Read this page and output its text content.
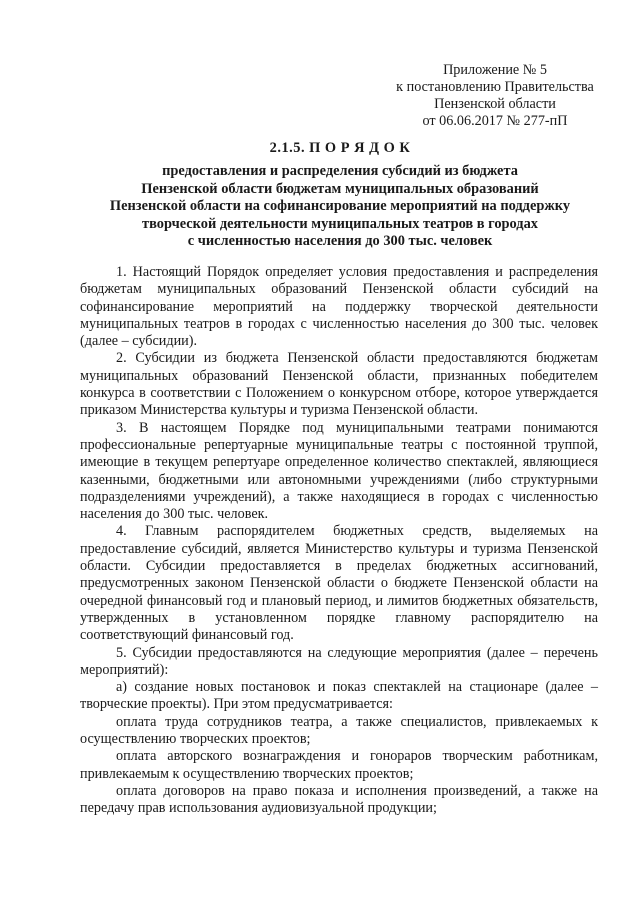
Приложение № 5
к постановлению Правительства
Пензенской области
от 06.06.2017 № 277-пП
2.1.5. П О Р Я Д О К
предоставления и распределения субсидий из бюджета
Пензенской области бюджетам муниципальных образований
Пензенской области на софинансирование мероприятий на поддержку
творческой деятельности муниципальных театров в городах
с численностью населения до 300 тыс. человек

1. Настоящий Порядок определяет условия предоставления и распределения бюджетам муниципальных образований Пензенской области субсидий на софинансирование мероприятий на поддержку творческой деятельности муниципальных театров в городах с численностью населения до 300 тыс. человек (далее – субсидии).

2. Субсидии из бюджета Пензенской области предоставляются бюджетам муниципальных образований Пензенской области, признанных победителем конкурса в соответствии с Положением о конкурсном отборе, которое утверждается приказом Министерства культуры и туризма Пензенской области.

3. В настоящем Порядке под муниципальными театрами понимаются профессиональные репертуарные муниципальные театры с постоянной труппой, имеющие в текущем репертуаре определенное количество спектаклей, являющиеся казенными, бюджетными или автономными учреждениями (либо структурными подразделениями учреждений), а также находящиеся в городах с численностью населения до 300 тыс. человек.

4. Главным распорядителем бюджетных средств, выделяемых на предоставление субсидий, является Министерство культуры и туризма Пензенской области. Субсидии предоставляется в пределах бюджетных ассигнований, предусмотренных законом Пензенской области о бюджете Пензенской области на очередной финансовый год и плановый период, и лимитов бюджетных обязательств, утвержденных в установленном порядке главному распорядителю на соответствующий финансовый год.

5. Субсидии предоставляются на следующие мероприятия (далее – перечень мероприятий):

а) создание новых постановок и показ спектаклей на стационаре (далее – творческие проекты). При этом предусматривается:

оплата труда сотрудников театра, а также специалистов, привлекаемых к осуществлению творческих проектов;

оплата авторского вознаграждения и гонораров творческим работникам, привлекаемым к осуществлению творческих проектов;

оплата договоров на право показа и исполнения произведений, а также на передачу прав использования аудиовизуальной продукции;
